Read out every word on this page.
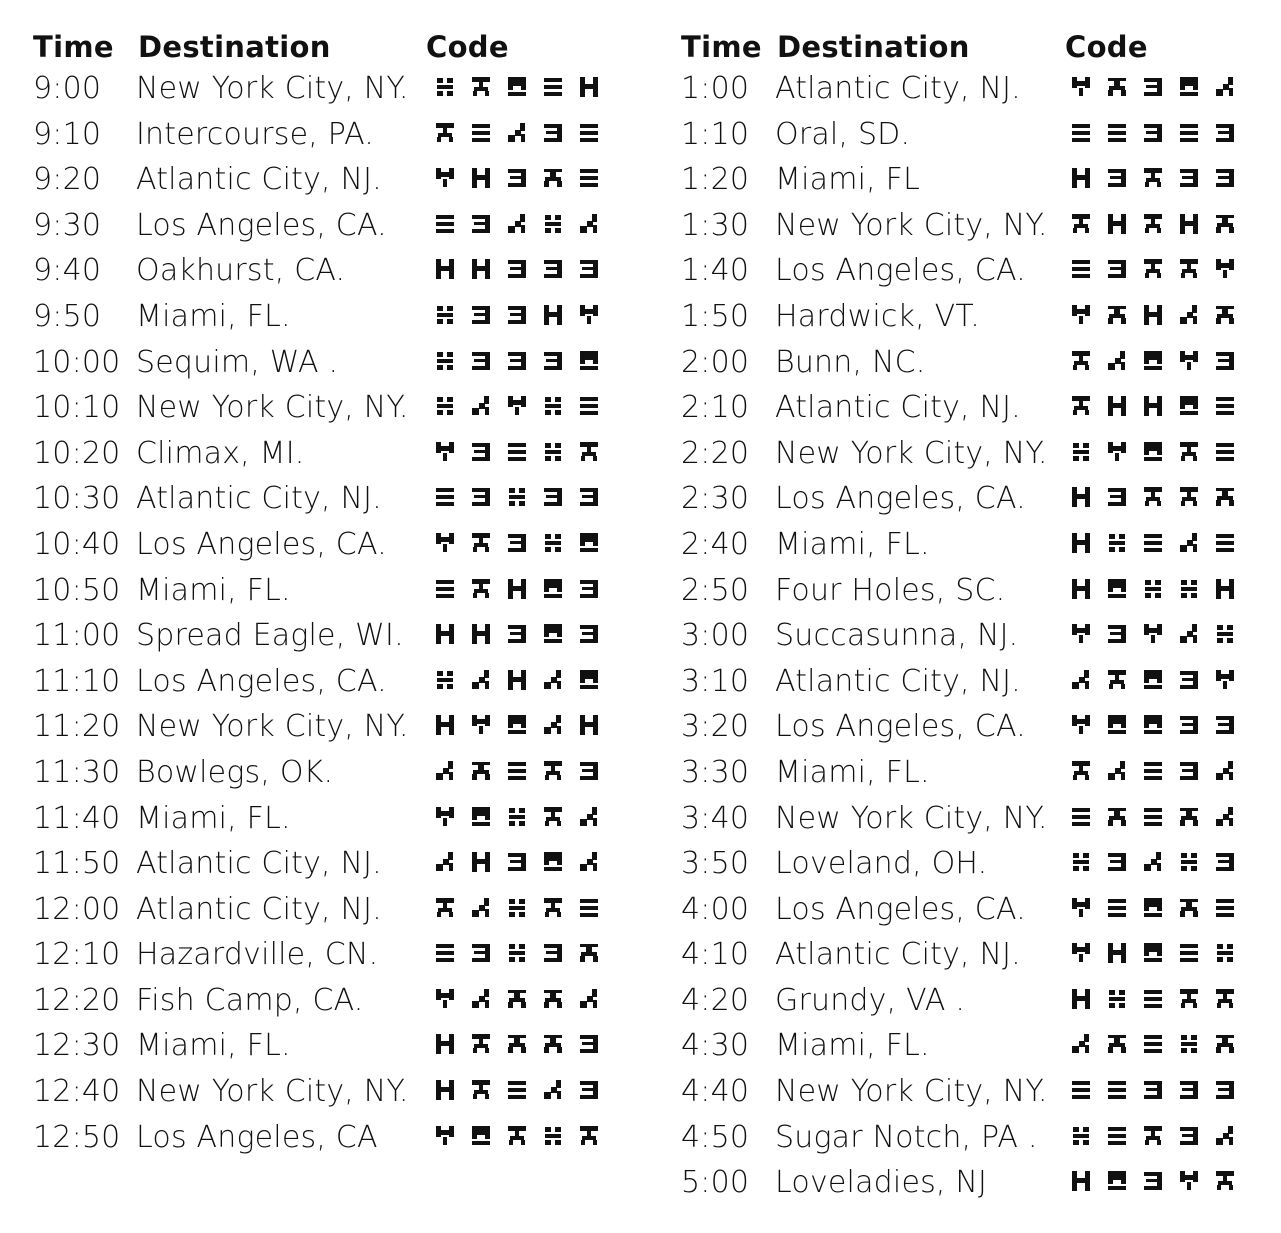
Time Destination	Code
9:00 New York City, NY.
9:10 Intercourse, PA.
9:20 Atlantic City, NJ.
9:30 Los Angeles, CA.
9:40 Oakhurst, CA.
9:50 Miami, FL.
10:00 Sequim, WA .
10:10 New York City, NY.
10:20 Climax, MI.
10:30 Atlantic City, NJ.
10:40 Los Angeles, CA.
10:50 Miami, FL.
11:00 Spread Eagle, WI.
11:10 Los Angeles, CA.
11:20 New York City, NY.
11:30 Bowlegs, OK.
11:40 Miami, FL.
11:50 Atlantic City, NJ.
12:00 Atlantic City, NJ.
12:10 Hazardville, CN.
12:20 Fish Camp, CA.
12:30 Miami, FL.
12:40 New York City, NY.
12:50 Los Angeles, CA
Time Destination	Code
1:00 Atlantic City, NJ.
1:10 Oral, SD.
1:20 Miami, FL
1:30 New York City, NY.
1:40 Los Angeles, CA.
1:50 Hardwick, VT.
2:00 Bunn, NC.
2:10 Atlantic City, NJ.
2:20 New York City, NY.
2:30 Los Angeles, CA.
2:40 Miami, FL.
2:50 Four Holes, SC.
3:00 Succasunna, NJ.
3:10 Atlantic City, NJ.
3:20 Los Angeles, CA.
3:30 Miami, FL.
3:40 New York City, NY.
3:50 Loveland, OH.
4:00 Los Angeles, CA.
4:10 Atlantic City, NJ.
4:20 Grundy, VA .
4:30 Miami, FL.
4:40 New York City, NY.
4:50 Sugar Notch, PA .
5:00 Loveladies, NJ
